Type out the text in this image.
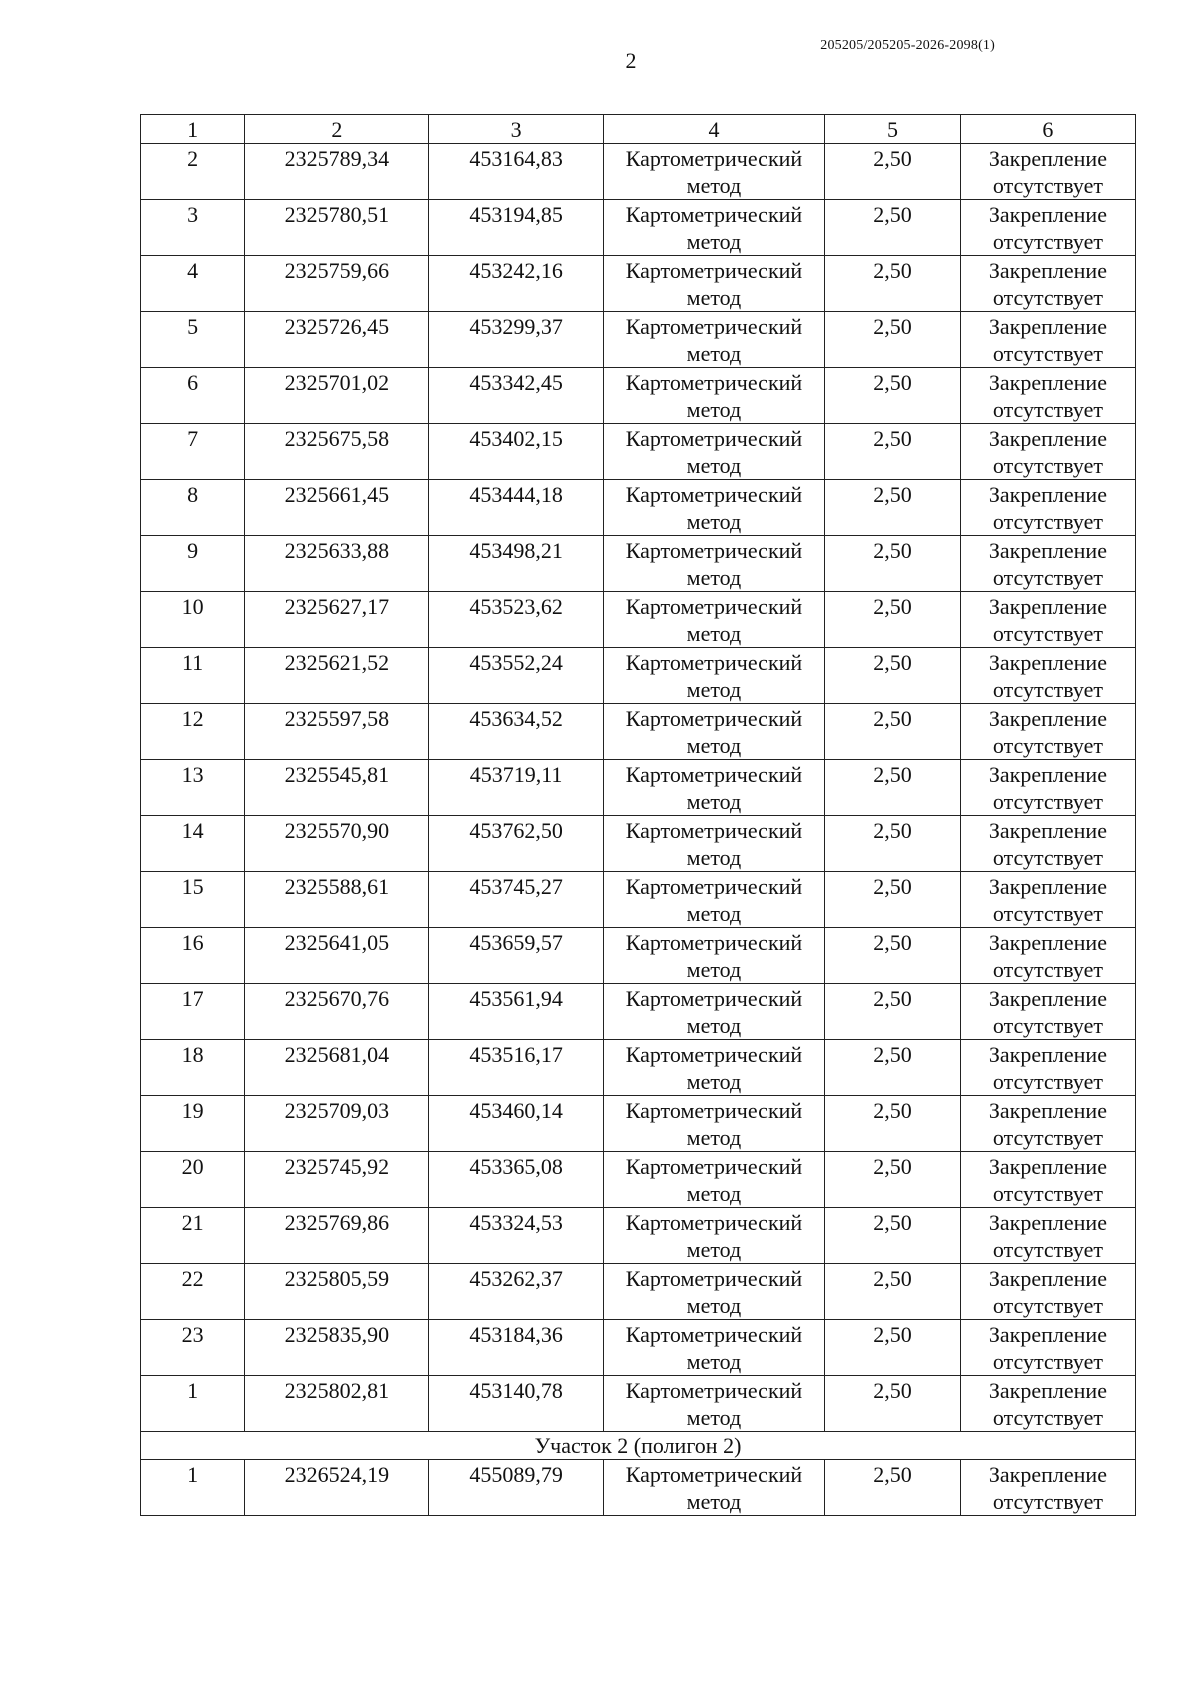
2
205205/205205-2026-2098(1)
1	2	3	4	5	6
2	2325789,34	453164,83	Картометрический метод	2,50	Закрепление отсутствует
3	2325780,51	453194,85	Картометрический метод	2,50	Закрепление отсутствует
4	2325759,66	453242,16	Картометрический метод	2,50	Закрепление отсутствует
5	2325726,45	453299,37	Картометрический метод	2,50	Закрепление отсутствует
6	2325701,02	453342,45	Картометрический метод	2,50	Закрепление отсутствует
7	2325675,58	453402,15	Картометрический метод	2,50	Закрепление отсутствует
8	2325661,45	453444,18	Картометрический метод	2,50	Закрепление отсутствует
9	2325633,88	453498,21	Картометрический метод	2,50	Закрепление отсутствует
10	2325627,17	453523,62	Картометрический метод	2,50	Закрепление отсутствует
11	2325621,52	453552,24	Картометрический метод	2,50	Закрепление отсутствует
12	2325597,58	453634,52	Картометрический метод	2,50	Закрепление отсутствует
13	2325545,81	453719,11	Картометрический метод	2,50	Закрепление отсутствует
14	2325570,90	453762,50	Картометрический метод	2,50	Закрепление отсутствует
15	2325588,61	453745,27	Картометрический метод	2,50	Закрепление отсутствует
16	2325641,05	453659,57	Картометрический метод	2,50	Закрепление отсутствует
17	2325670,76	453561,94	Картометрический метод	2,50	Закрепление отсутствует
18	2325681,04	453516,17	Картометрический метод	2,50	Закрепление отсутствует
19	2325709,03	453460,14	Картометрический метод	2,50	Закрепление отсутствует
20	2325745,92	453365,08	Картометрический метод	2,50	Закрепление отсутствует
21	2325769,86	453324,53	Картометрический метод	2,50	Закрепление отсутствует
22	2325805,59	453262,37	Картометрический метод	2,50	Закрепление отсутствует
23	2325835,90	453184,36	Картометрический метод	2,50	Закрепление отсутствует
1	2325802,81	453140,78	Картометрический метод	2,50	Закрепление отсутствует
Участок 2 (полигон 2)					
1	2326524,19	455089,79	Картометрический метод	2,50	Закрепление отсутствует
